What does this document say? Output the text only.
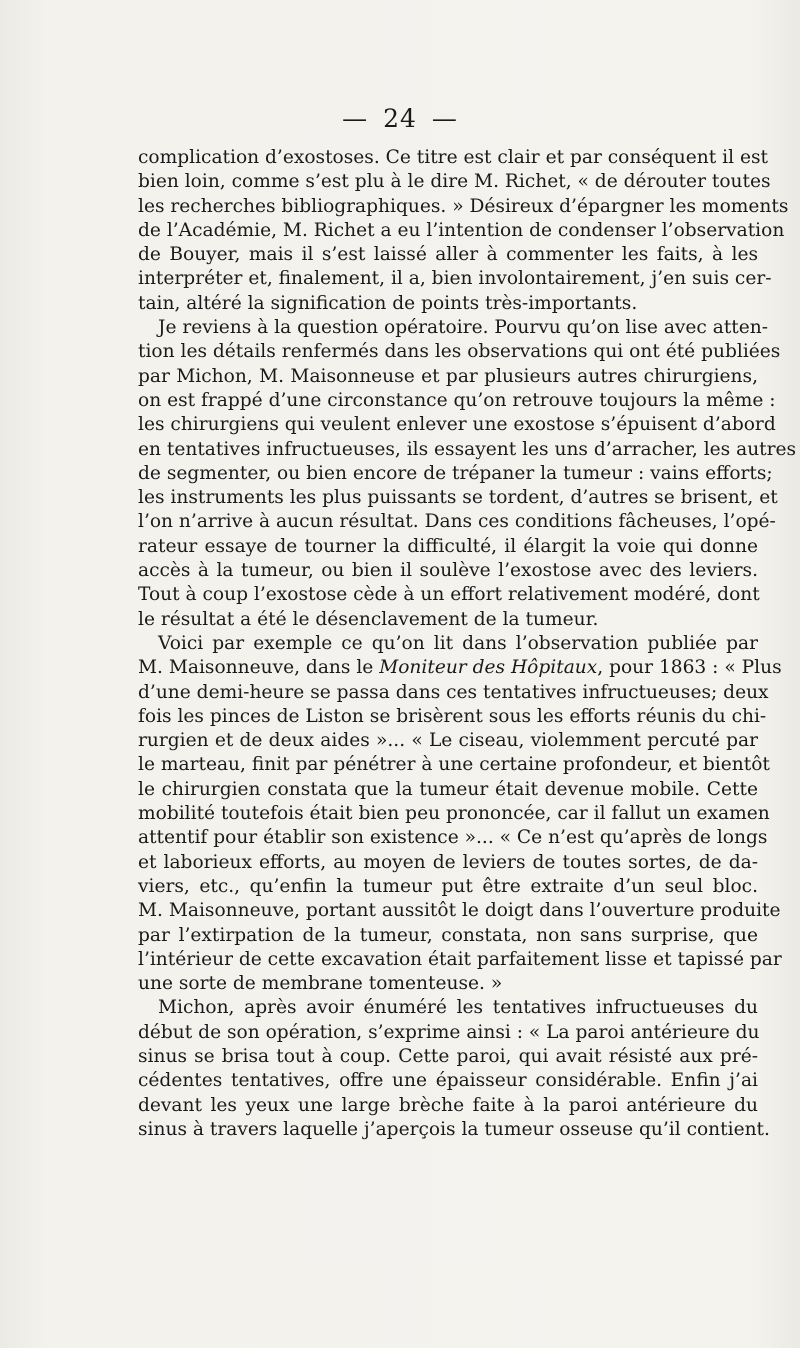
— 24 —
complication d’exostoses. Ce titre est clair et par conséquent il est
bien loin, comme s’est plu à le dire M. Richet, « de dérouter toutes
les recherches bibliographiques. » Désireux d’épargner les moments
de l’Académie, M. Richet a eu l’intention de condenser l’observation
de Bouyer, mais il s’est laissé aller à commenter les faits, à les
interpréter et, finalement, il a, bien involontairement, j’en suis cer-
tain, altéré la signification de points très-importants.
Je reviens à la question opératoire. Pourvu qu’on lise avec atten-
tion les détails renfermés dans les observations qui ont été publiées
par Michon, M. Maisonneuse et par plusieurs autres chirurgiens,
on est frappé d’une circonstance qu’on retrouve toujours la même :
les chirurgiens qui veulent enlever une exostose s’épuisent d’abord
en tentatives infructueuses, ils essayent les uns d’arracher, les autres
de segmenter, ou bien encore de trépaner la tumeur : vains efforts;
les instruments les plus puissants se tordent, d’autres se brisent, et
l’on n’arrive à aucun résultat. Dans ces conditions fâcheuses, l’opé-
rateur essaye de tourner la difficulté, il élargit la voie qui donne
accès à la tumeur, ou bien il soulève l’exostose avec des leviers.
Tout à coup l’exostose cède à un effort relativement modéré, dont
le résultat a été le désenclavement de la tumeur.
Voici par exemple ce qu’on lit dans l’observation publiée par
M. Maisonneuve, dans le Moniteur des Hôpitaux, pour 1863 : « Plus
d’une demi-heure se passa dans ces tentatives infructueuses; deux
fois les pinces de Liston se brisèrent sous les efforts réunis du chi-
rurgien et de deux aides »... « Le ciseau, violemment percuté par
le marteau, finit par pénétrer à une certaine profondeur, et bientôt
le chirurgien constata que la tumeur était devenue mobile. Cette
mobilité toutefois était bien peu prononcée, car il fallut un examen
attentif pour établir son existence »... « Ce n’est qu’après de longs
et laborieux efforts, au moyen de leviers de toutes sortes, de da-
viers, etc., qu’enfin la tumeur put être extraite d’un seul bloc.
M. Maisonneuve, portant aussitôt le doigt dans l’ouverture produite
par l’extirpation de la tumeur, constata, non sans surprise, que
l’intérieur de cette excavation était parfaitement lisse et tapissé par
une sorte de membrane tomenteuse. »
Michon, après avoir énuméré les tentatives infructueuses du
début de son opération, s’exprime ainsi : « La paroi antérieure du
sinus se brisa tout à coup. Cette paroi, qui avait résisté aux pré-
cédentes tentatives, offre une épaisseur considérable. Enfin j’ai
devant les yeux une large brèche faite à la paroi antérieure du
sinus à travers laquelle j’aperçois la tumeur osseuse qu’il contient.
